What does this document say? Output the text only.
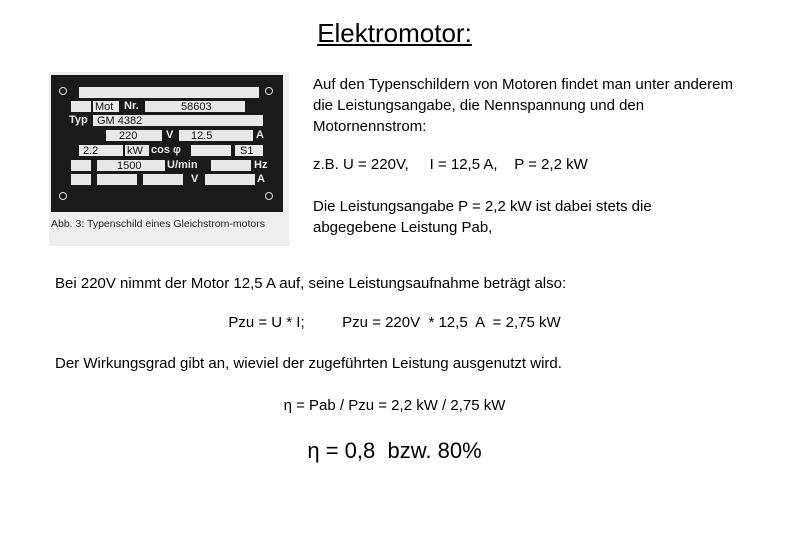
Elektromotor:
Mot Nr.	58603
Typ GM 4382
220	V 12.5	A
2.2	kW cos φ	S1
1500 U/min	Hz
V	A
Abb. 3: Typenschild eines Gleichstrom-motors
Auf den Typenschildern von Motoren findet man unter anderem die Leistungsangabe, die Nennspannung und den Motornennstrom:
z.B. U = 220V,     I = 12,5 A,    P = 2,2 kW
Die Leistungsangabe P = 2,2 kW ist dabei stets die abgegebene Leistung Pab,
Bei 220V nimmt der Motor 12,5 A auf, seine Leistungsaufnahme beträgt also:
Pzu = U * I;         Pzu = 220V  * 12,5  A  = 2,75 kW
Der Wirkungsgrad gibt an, wieviel der zugeführten Leistung ausgenutzt wird.
η = Pab / Pzu = 2,2 kW / 2,75 kW
η = 0,8  bzw. 80%
